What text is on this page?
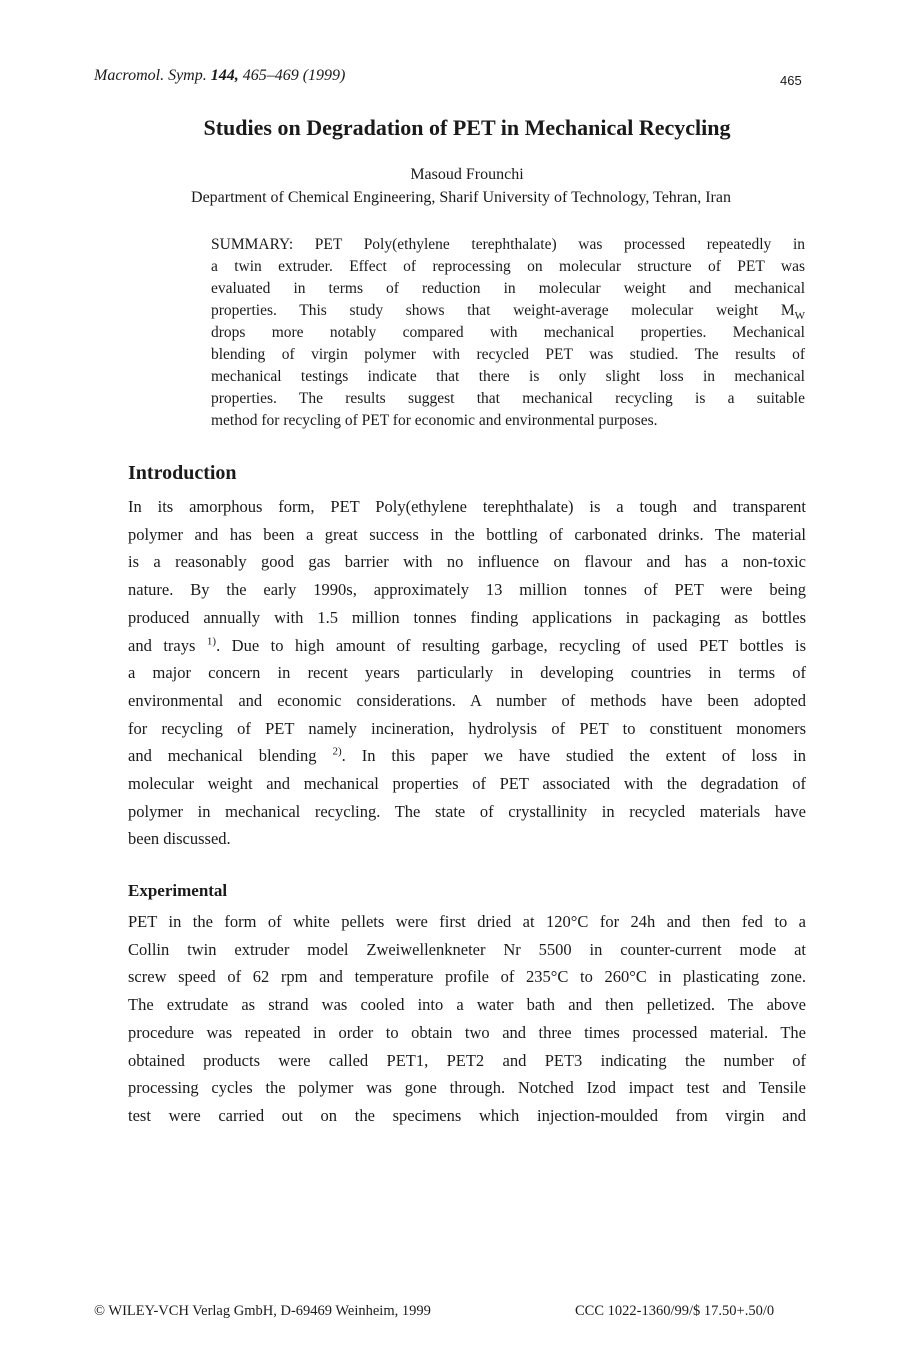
Macromol. Symp. 144, 465–469 (1999)	465
Studies on Degradation of PET in Mechanical Recycling
Masoud Frounchi
Department of Chemical Engineering, Sharif University of Technology, Tehran, Iran
SUMMARY: PET Poly(ethylene terephthalate) was processed repeatedly in
a twin extruder. Effect of reprocessing on molecular structure of PET was
evaluated in terms of reduction in molecular weight and mechanical
properties. This study shows that weight-average molecular weight $M_W$
drops more notably compared with mechanical properties. Mechanical
blending of virgin polymer with recycled PET was studied. The results of
mechanical testings indicate that there is only slight loss in mechanical
properties. The results suggest that mechanical recycling is a suitable
method for recycling of PET for economic and environmental purposes.
Introduction
In its amorphous form, PET Poly(ethylene terephthalate) is a tough and transparent
polymer and has been a great success in the bottling of carbonated drinks. The material
is a reasonably good gas barrier with no influence on flavour and has a non-toxic
nature. By the early 1990s, approximately 13 million tonnes of PET were being
produced annually with 1.5 million tonnes finding applications in packaging as bottles
and trays $^{1)}$. Due to high amount of resulting garbage, recycling of used PET bottles is
a major concern in recent years particularly in developing countries in terms of
environmental and economic considerations. A number of methods have been adopted
for recycling of PET namely incineration, hydrolysis of PET to constituent monomers
and mechanical blending $^{2)}$. In this paper we have studied the extent of loss in
molecular weight and mechanical properties of PET associated with the degradation of
polymer in mechanical recycling. The state of crystallinity in recycled materials have
been discussed.
Experimental
PET in the form of white pellets were first dried at 120°C for 24h and then fed to a
Collin twin extruder model Zweiwellenkneter Nr 5500 in counter-current mode at
screw speed of 62 rpm and temperature profile of 235°C to 260°C in plasticating zone.
The extrudate as strand was cooled into a water bath and then pelletized. The above
procedure was repeated in order to obtain two and three times processed material. The
obtained products were called PET1, PET2 and PET3 indicating the number of
processing cycles the polymer was gone through. Notched Izod impact test and Tensile
test were carried out on the specimens which injection-moulded from virgin and
© WILEY-VCH Verlag GmbH, D-69469 Weinheim, 1999	CCC 1022-1360/99/$ 17.50+.50/0
